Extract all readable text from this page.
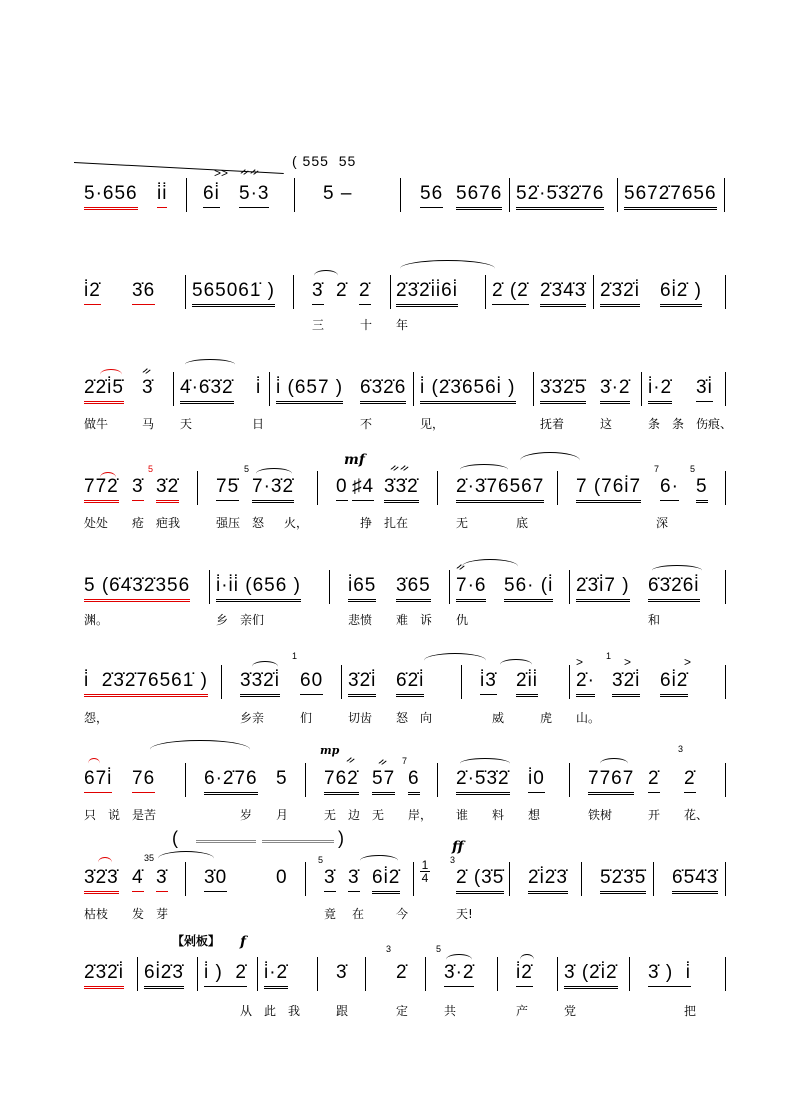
>> ᨀᨀ
( 555  55
5·656 i̇i̇ 6i̇ 5·3	5 –	56 5676 52̇·5̇3̇2̇76 5672̇7656
i̇2̇ 3̇6 565061̇ ) 3̇ 2̇ 2̇ 2̇3̇2̇i̇i̇6i̇ 2̇ (2̇ 2̇3̇4̇3̇ 2̇3̇2̇i̇ 6i̇2̇ )
三	十 年
2̇2̇i̇5̇
ᨀ
3̇ 4̇·6̇3̇2̇ i̇ i̇ (657 ) 6̇3̇2̇6 i̇ (2̇3̇656i̇ ) 3̇3̇2̇5̇ 3̇·2̇ i̇·2̇ 3̇i̇
做牛	马 天	日	不	见，	抚着	这	条 条 伤痕、
772̇ 3̇
5
3̇2̇ 75̇
5
7·3̇2̇
mf
0 ♯4
ᨀᨀ
3̇3̇2̇ 2̇·3̇76567 7 (76i̇7
7
6·
5
5
处处 疮 疤我	强压 怒 火，	挣 扎在	无	底	深
5 (6̇4̇3̇2̇356 i̇·i̇i̇ (656 ) i̇65 3̇65
ᨀ
7·6 56· (i̇ 2̇3̇i̇7 ) 6̇3̇2̇6i̇
渊。	乡 亲们	悲愤 难 诉 仇	和
i̇  2̇3̇2̇76561̇ ) 3̇3̇2̇i̇
1
60 3̇2̇i̇ 6̇2̇i̇	i̇3̇ 2̇i̇i̇
>	>	>
1
2̇· 3̇2̇i̇ 6i̇2̇
怨，	乡亲	们	切齿 怒 向	威	虎 山。
67i̇ 76	6·2̇76 5
mp
ᨀ ᨀ
762̇ 57
7
6 2̇·5̇3̇2̇ i̇0 7767 2̇
3
2̇
只 说 是苦	岁 月	无 边 无 岸， 谁 料 想	铁树	开 花、
(	)
3̇2̇3̇
35
4̇ 3̇ 3̇0	0
5
3̇ 3̇ 6i̇2̇
1
4
ff
3
2̇ (3̇5̇ 2̇i̇2̇3̇ 5̇2̇3̇5̇ 6̇5̇4̇3̇
枯枝 发 芽	竟 在	今	天!
【剁板】 f
2̇3̇2̇i̇ 6i̇2̇3̇ i̇ )  2̇ i̇·2̇	3̇
3
2̇
5
3̇·2̇ i̇2̇ 3̇ (2̇i̇2̇ 3̇ )  i̇
从 此 我	跟	定	共	产	党	把
